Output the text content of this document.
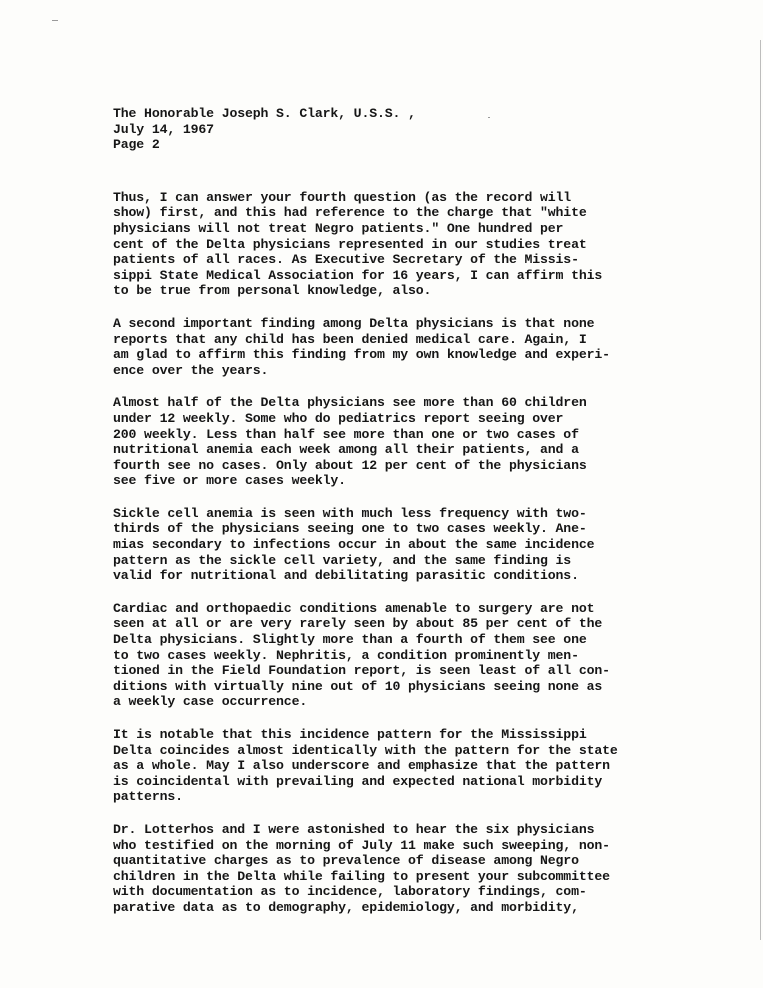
The Honorable Joseph S. Clark, U.S.S. ,
July 14, 1967
Page 2

Thus, I can answer your fourth question (as the record will
show) first, and this had reference to the charge that "white
physicians will not treat Negro patients." One hundred per
cent of the Delta physicians represented in our studies treat
patients of all races. As Executive Secretary of the Missis-
sippi State Medical Association for 16 years, I can affirm this
to be true from personal knowledge, also.

A second important finding among Delta physicians is that none
reports that any child has been denied medical care. Again, I
am glad to affirm this finding from my own knowledge and experi-
ence over the years.

Almost half of the Delta physicians see more than 60 children
under 12 weekly. Some who do pediatrics report seeing over
200 weekly. Less than half see more than one or two cases of
nutritional anemia each week among all their patients, and a
fourth see no cases. Only about 12 per cent of the physicians
see five or more cases weekly.

Sickle cell anemia is seen with much less frequency with two-
thirds of the physicians seeing one to two cases weekly. Ane-
mias secondary to infections occur in about the same incidence
pattern as the sickle cell variety, and the same finding is
valid for nutritional and debilitating parasitic conditions.

Cardiac and orthopaedic conditions amenable to surgery are not
seen at all or are very rarely seen by about 85 per cent of the
Delta physicians. Slightly more than a fourth of them see one
to two cases weekly. Nephritis, a condition prominently men-
tioned in the Field Foundation report, is seen least of all con-
ditions with virtually nine out of 10 physicians seeing none as
a weekly case occurrence.

It is notable that this incidence pattern for the Mississippi
Delta coincides almost identically with the pattern for the state
as a whole. May I also underscore and emphasize that the pattern
is coincidental with prevailing and expected national morbidity
patterns.

Dr. Lotterhos and I were astonished to hear the six physicians
who testified on the morning of July 11 make such sweeping, non-
quantitative charges as to prevalence of disease among Negro
children in the Delta while failing to present your subcommittee
with documentation as to incidence, laboratory findings, com-
parative data as to demography, epidemiology, and morbidity,
